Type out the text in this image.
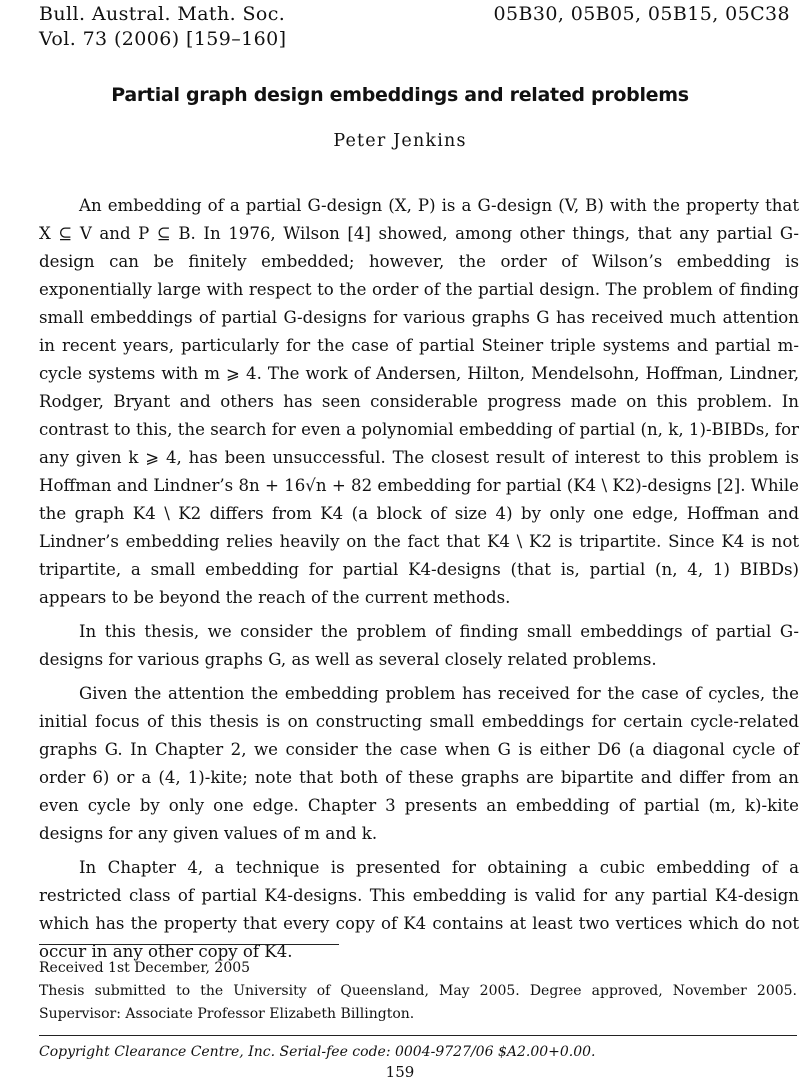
Bull. Austral. Math. Soc.
Vol. 73 (2006) [159–160]
05B30, 05B05, 05B15, 05C38
Partial graph design embeddings and related problems
Peter Jenkins

An embedding of a partial G-design (X, P) is a G-design (V, B) with the property that X ⊆ V and P ⊆ B. In 1976, Wilson [4] showed, among other things, that any partial G-design can be finitely embedded; however, the order of Wilson’s embedding is exponentially large with respect to the order of the partial design. The problem of finding small embeddings of partial G-designs for various graphs G has received much attention in recent years, particularly for the case of partial Steiner triple systems and partial m-cycle systems with m ⩾ 4. The work of Andersen, Hilton, Mendelsohn, Hoffman, Lindner, Rodger, Bryant and others has seen considerable progress made on this problem. In contrast to this, the search for even a polynomial embedding of partial (n, k, 1)-BIBDs, for any given k ⩾ 4, has been unsuccessful. The closest result of interest to this problem is Hoffman and Lindner’s 8n + 16√n + 82 embedding for partial (K4 \ K2)-designs [2]. While the graph K4 \ K2 differs from K4 (a block of size 4) by only one edge, Hoffman and Lindner’s embedding relies heavily on the fact that K4 \ K2 is tripartite. Since K4 is not tripartite, a small embedding for partial K4-designs (that is, partial (n, 4, 1) BIBDs) appears to be beyond the reach of the current methods.

In this thesis, we consider the problem of finding small embeddings of partial G-designs for various graphs G, as well as several closely related problems.

Given the attention the embedding problem has received for the case of cycles, the initial focus of this thesis is on constructing small embeddings for certain cycle-related graphs G. In Chapter 2, we consider the case when G is either D6 (a diagonal cycle of order 6) or a (4, 1)-kite; note that both of these graphs are bipartite and differ from an even cycle by only one edge. Chapter 3 presents an embedding of partial (m, k)-kite designs for any given values of m and k.

In Chapter 4, a technique is presented for obtaining a cubic embedding of a restricted class of partial K4-designs. This embedding is valid for any partial K4-design which has the property that every copy of K4 contains at least two vertices which do not occur in any other copy of K4.

Received 1st December, 2005
Thesis submitted to the University of Queensland, May 2005. Degree approved, November 2005. Supervisor: Associate Professor Elizabeth Billington.
Copyright Clearance Centre, Inc. Serial-fee code: 0004-9727/06 $A2.00+0.00.
159
